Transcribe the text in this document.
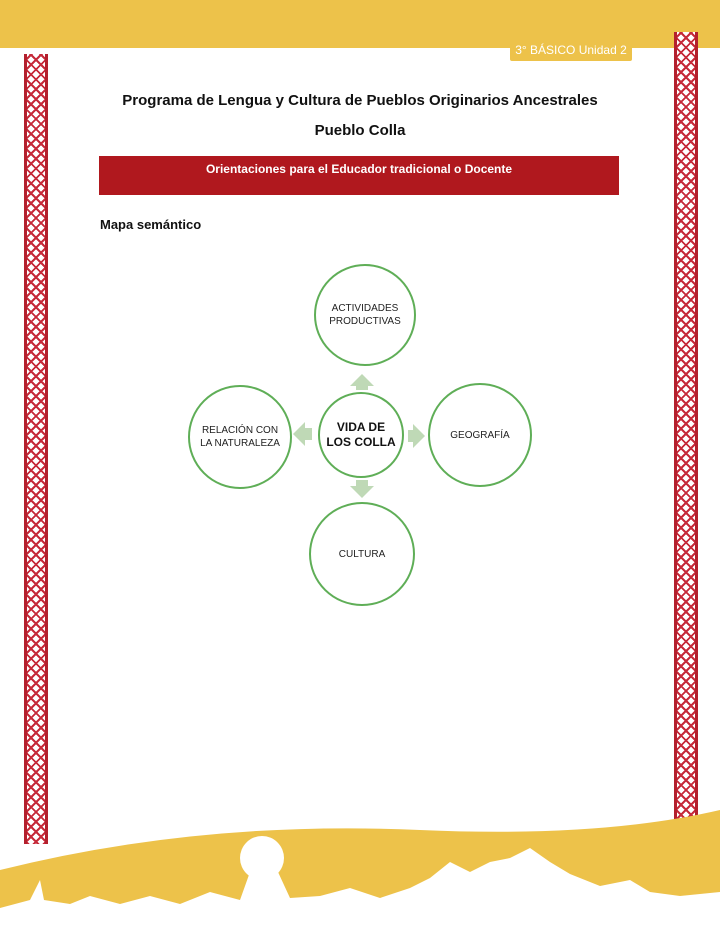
3° BÁSICO Unidad 2
Programa de Lengua y Cultura de Pueblos Originarios Ancestrales
Pueblo Colla
Orientaciones para el Educador tradicional o Docente
Mapa semántico
ACTIVIDADES PRODUCTIVAS
GEOGRAFÍA
CULTURA
RELACIÓN CON LA NATURALEZA
VIDA DE LOS COLLA
